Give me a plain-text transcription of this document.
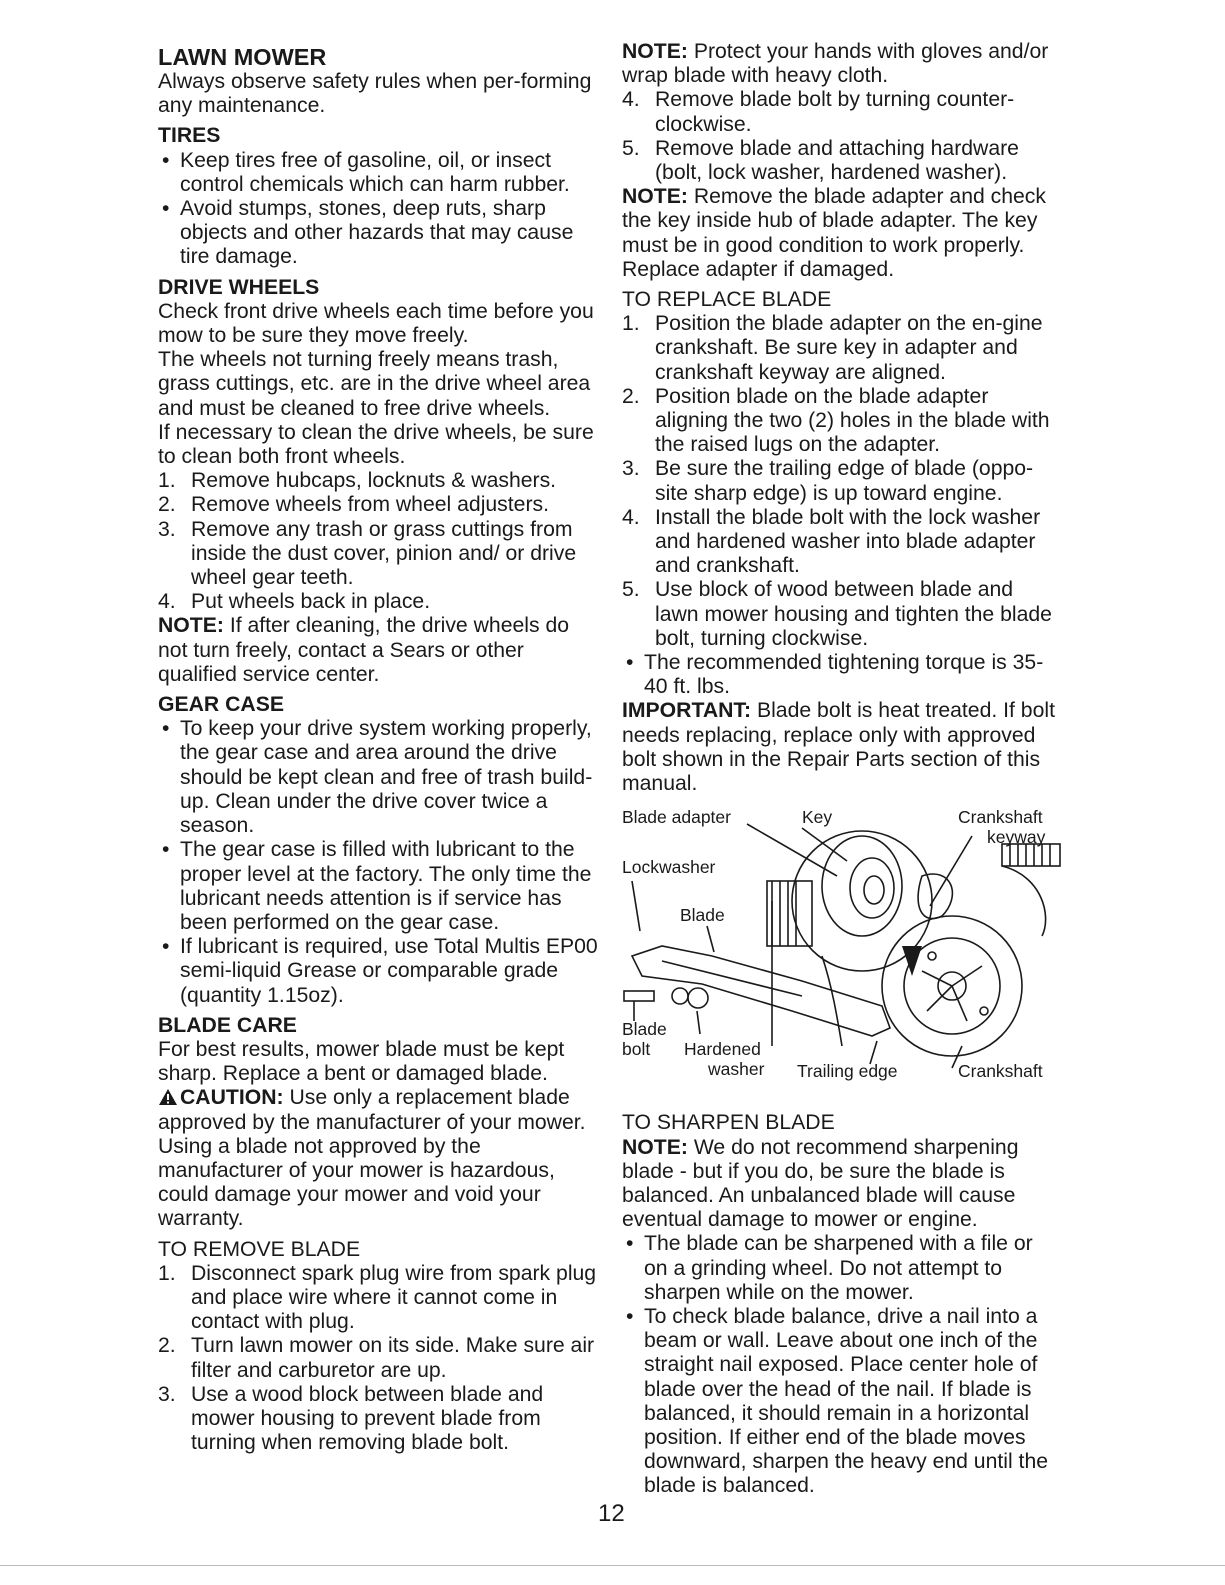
LAWN MOWER

Always observe safety rules when per-forming any maintenance.

TIRES
• Keep tires free of gasoline, oil, or insect control chemicals which can harm rubber.
• Avoid stumps, stones, deep ruts, sharp objects and other hazards that may cause tire damage.
DRIVE WHEELS

Check front drive wheels each time before you mow to be sure they move freely.

The wheels not turning freely means trash, grass cuttings, etc. are in the drive wheel area and must be cleaned to free drive wheels.

If necessary to clean the drive wheels, be sure to clean both front wheels.

1. Remove hubcaps, locknuts & washers.
2. Remove wheels from wheel adjusters.
3. Remove any trash or grass cuttings from inside the dust cover, pinion and/ or drive wheel gear teeth.
4. Put wheels back in place.

NOTE: If after cleaning, the drive wheels do not turn freely, contact a Sears or other qualified service center.

GEAR CASE
• To keep your drive system working properly, the gear case and area around the drive should be kept clean and free of trash build-up. Clean under the drive cover twice a season.
• The gear case is filled with lubricant to the proper level at the factory. The only time the lubricant needs attention is if service has been performed on the gear case.
• If lubricant is required, use Total Multis EP00 semi-liquid Grease or comparable grade (quantity 1.15oz).
BLADE CARE

For best results, mower blade must be kept sharp. Replace a bent or damaged blade.

CAUTION: Use only a replacement blade approved by the manufacturer of your mower. Using a blade not approved by the manufacturer of your mower is hazardous, could damage your mower and void your warranty.

TO REMOVE BLADE
1. Disconnect spark plug wire from spark plug and place wire where it cannot come in contact with plug.
2. Turn lawn mower on its side. Make sure air filter and carburetor are up.
3. Use a wood block between blade and mower housing to prevent blade from turning when removing blade bolt.

NOTE: Protect your hands with gloves and/or wrap blade with heavy cloth.

4. Remove blade bolt by turning counter-clockwise.
5. Remove blade and attaching hardware (bolt, lock washer, hardened washer).

NOTE: Remove the blade adapter and check the key inside hub of blade adapter. The key must be in good condition to work properly. Replace adapter if damaged.

TO REPLACE BLADE
1. Position the blade adapter on the en-gine crankshaft. Be sure key in adapter and crankshaft keyway are aligned.
2. Position blade on the blade adapter aligning the two (2) holes in the blade with the raised lugs on the adapter.
3. Be sure the trailing edge of blade (oppo-site sharp edge) is up toward engine.
4. Install the blade bolt with the lock washer and hardened washer into blade adapter and crankshaft.
5. Use block of wood between blade and lawn mower housing and tighten the blade bolt, turning clockwise.
• The recommended tightening torque is 35-40 ft. lbs.

IMPORTANT: Blade bolt is heat treated. If bolt needs replacing, replace only with approved bolt shown in the Repair Parts section of this manual.

Blade adapter	Key	Crankshaft
keyway
Lockwasher
Blade
Blade
bolt Hardened
washer Trailing edge	Crankshaft
TO SHARPEN BLADE

NOTE: We do not recommend sharpening blade - but if you do, be sure the blade is balanced. An unbalanced blade will cause eventual damage to mower or engine.

• The blade can be sharpened with a file or on a grinding wheel. Do not attempt to sharpen while on the mower.
• To check blade balance, drive a nail into a beam or wall. Leave about one inch of the straight nail exposed. Place center hole of blade over the head of the nail. If blade is balanced, it should remain in a horizontal position. If either end of the blade moves downward, sharpen the heavy end until the blade is balanced.
12
